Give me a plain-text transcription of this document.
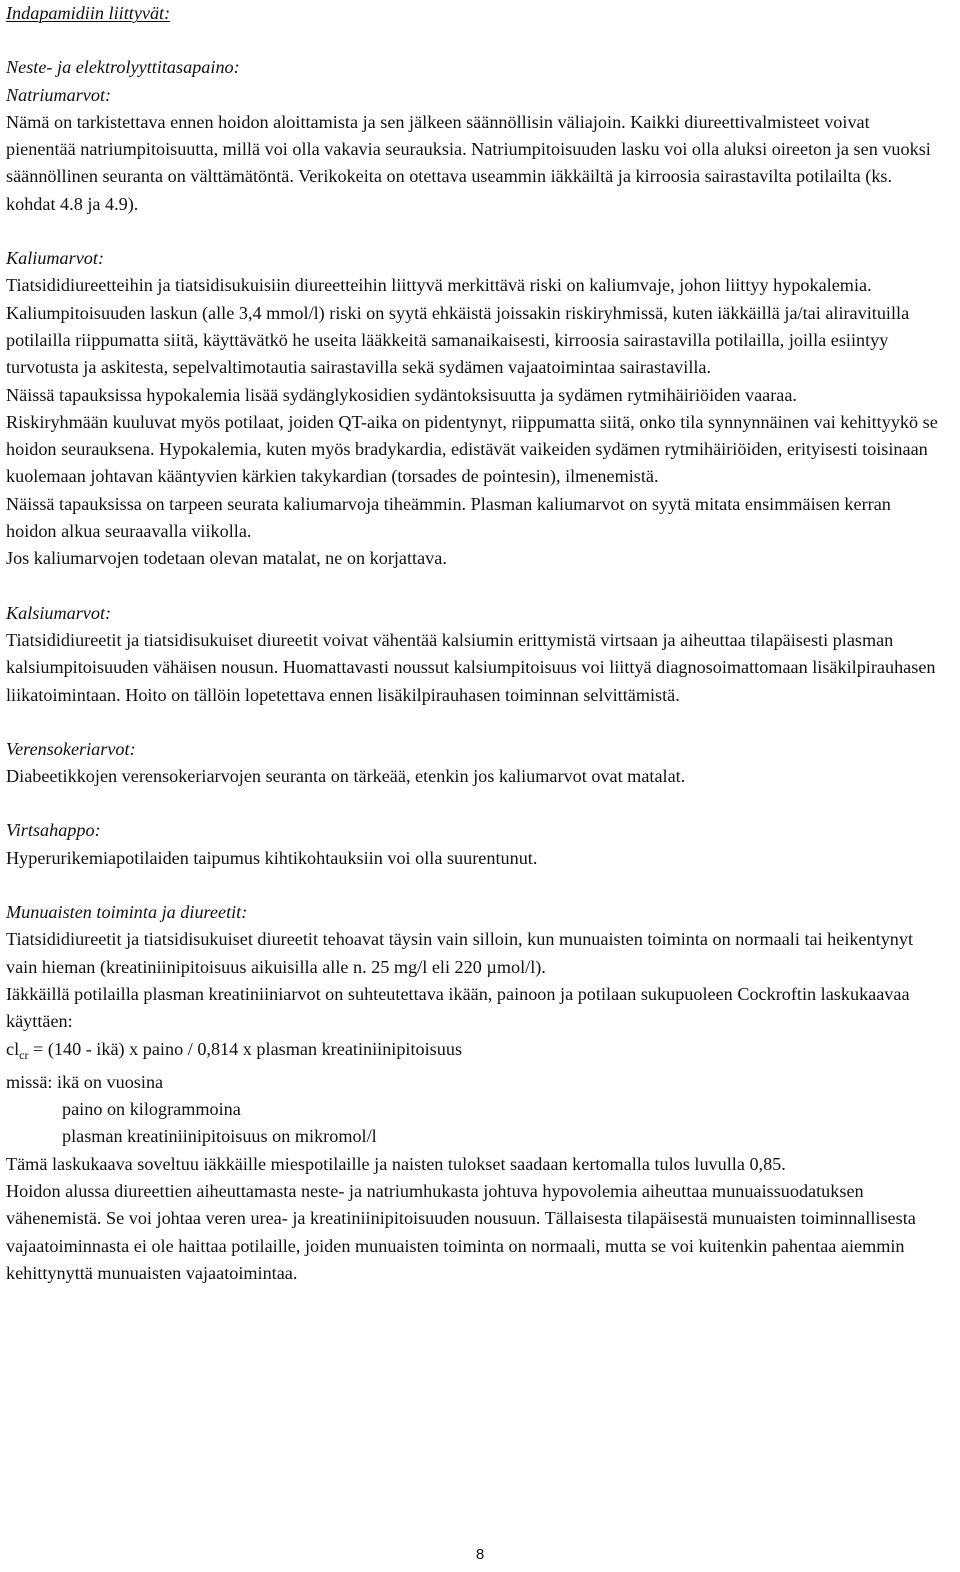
Indapamidiin liittyvät:
Neste- ja elektrolyyttitasapaino:
Natriumarvot:

Nämä on tarkistettava ennen hoidon aloittamista ja sen jälkeen säännöllisin väliajoin. Kaikki diureettivalmisteet voivat pienentää natriumpitoisuutta, millä voi olla vakavia seurauksia. Natriumpitoisuuden lasku voi olla aluksi oireeton ja sen vuoksi säännöllinen seuranta on välttämätöntä. Verikokeita on otettava useammin iäkkäiltä ja kirroosia sairastavilta potilailta (ks. kohdat 4.8 ja 4.9).

Kaliumarvot:

Tiatsididiureetteihin ja tiatsidisukuisiin diureetteihin liittyvä merkittävä riski on kaliumvaje, johon liittyy hypokalemia. Kaliumpitoisuuden laskun (alle 3,4 mmol/l) riski on syytä ehkäistä joissakin riskiryhmissä, kuten iäkkäillä ja/tai aliravituilla potilailla riippumatta siitä, käyttävätkö he useita lääkkeitä samanaikaisesti, kirroosia sairastavilla potilailla, joilla esiintyy turvotusta ja askitesta, sepelvaltimotautia sairastavilla sekä sydämen vajaatoimintaa sairastavilla.

Näissä tapauksissa hypokalemia lisää sydänglykosidien sydäntoksisuutta ja sydämen rytmihäiriöiden vaaraa.

Riskiryhmään kuuluvat myös potilaat, joiden QT-aika on pidentynyt, riippumatta siitä, onko tila synnynnäinen vai kehittyykö se hoidon seurauksena. Hypokalemia, kuten myös bradykardia, edistävät vaikeiden sydämen rytmihäiriöiden, erityisesti toisinaan kuolemaan johtavan kääntyvien kärkien takykardian (torsades de pointesin), ilmenemistä.

Näissä tapauksissa on tarpeen seurata kaliumarvoja tiheämmin. Plasman kaliumarvot on syytä mitata ensimmäisen kerran hoidon alkua seuraavalla viikolla.

Jos kaliumarvojen todetaan olevan matalat, ne on korjattava.

Kalsiumarvot:

Tiatsididiureetit ja tiatsidisukuiset diureetit voivat vähentää kalsiumin erittymistä virtsaan ja aiheuttaa tilapäisesti plasman kalsiumpitoisuuden vähäisen nousun. Huomattavasti noussut kalsiumpitoisuus voi liittyä diagnosoimattomaan lisäkilpirauhasen liikatoimintaan. Hoito on tällöin lopetettava ennen lisäkilpirauhasen toiminnan selvittämistä.

Verensokeriarvot:

Diabeetikkojen verensokeriarvojen seuranta on tärkeää, etenkin jos kaliumarvot ovat matalat.

Virtsahappo:

Hyperurikemiapotilaiden taipumus kihtikohtauksiin voi olla suurentunut.

Munuaisten toiminta ja diureetit:

Tiatsididiureetit ja tiatsidisukuiset diureetit tehoavat täysin vain silloin, kun munuaisten toiminta on normaali tai heikentynyt vain hieman (kreatiniinipitoisuus aikuisilla alle n. 25 mg/l eli 220 µmol/l).

Iäkkäillä potilailla plasman kreatiniiniarvot on suhteutettava ikään, painoon ja potilaan sukupuoleen Cockroftin laskukaavaa käyttäen:

$cl_{cr} = (140$ - ikä) x paino / 0,814 x plasman kreatiniinipitoisuus
missä: ikä on vuosina
paino on kilogrammoina
plasman kreatiniinipitoisuus on mikromol/l

Tämä laskukaava soveltuu iäkkäille miespotilaille ja naisten tulokset saadaan kertomalla tulos luvulla 0,85.

Hoidon alussa diureettien aiheuttamasta neste- ja natriumhukasta johtuva hypovolemia aiheuttaa munuaissuodatuksen vähenemistä. Se voi johtaa veren urea- ja kreatiniinipitoisuuden nousuun. Tällaisesta tilapäisestä munuaisten toiminnallisesta vajaatoiminnasta ei ole haittaa potilaille, joiden munuaisten toiminta on normaali, mutta se voi kuitenkin pahentaa aiemmin kehittynyttä munuaisten vajaatoimintaa.

8
